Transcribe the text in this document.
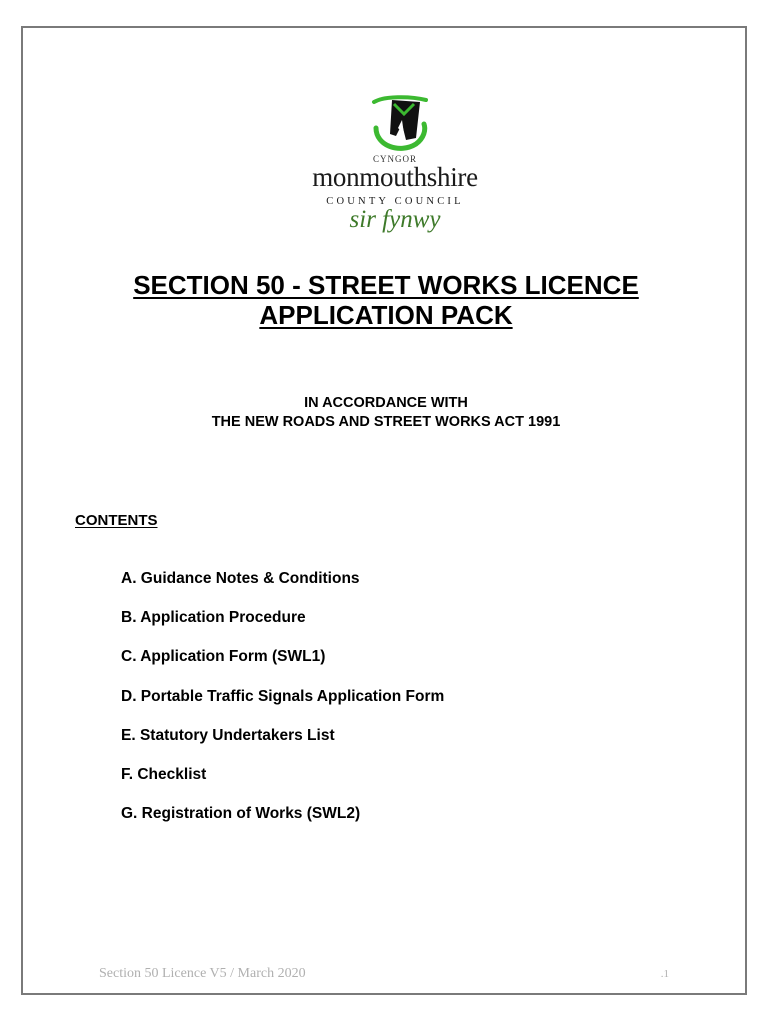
CYNGOR
monmouthshire
COUNTY COUNCIL
sir fynwy
SECTION 50 - STREET WORKS LICENCE
APPLICATION PACK
IN ACCORDANCE WITH
THE NEW ROADS AND STREET WORKS ACT 1991
CONTENTS
A. Guidance Notes & Conditions
B. Application Procedure
C. Application Form (SWL1)
D. Portable Traffic Signals Application Form
E. Statutory Undertakers List
F. Checklist
G. Registration of Works (SWL2)
Section 50 Licence V5 / March 2020	.1
